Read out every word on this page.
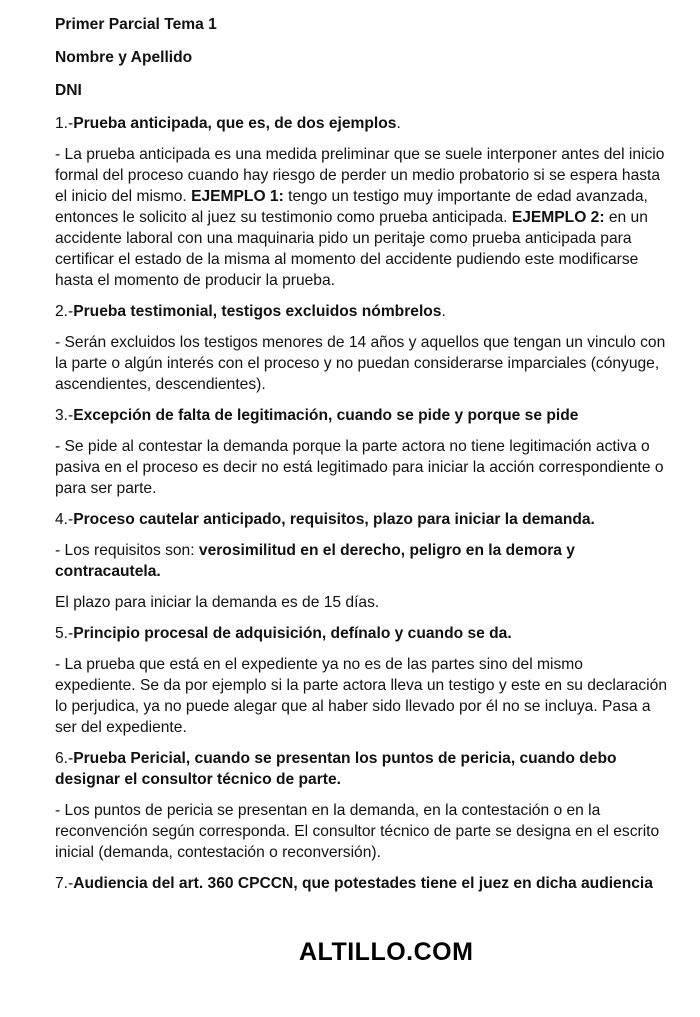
Primer Parcial Tema 1
Nombre y Apellido
DNI
1.-Prueba anticipada, que es, de dos ejemplos.
- La prueba anticipada es una medida preliminar que se suele interponer antes del inicio formal del proceso cuando hay riesgo de perder un medio probatorio si se espera hasta el inicio del mismo. EJEMPLO 1: tengo un testigo muy importante de edad avanzada, entonces le solicito al juez su testimonio como prueba anticipada. EJEMPLO 2: en un accidente laboral con una maquinaria pido un peritaje como prueba anticipada para certificar el estado de la misma al momento del accidente pudiendo este modificarse hasta el momento de producir la prueba.
2.-Prueba testimonial, testigos excluidos nómbrelos.
- Serán excluidos los testigos menores de 14 años y aquellos que tengan un vinculo con la parte o algún interés con el proceso y no puedan considerarse imparciales (cónyuge, ascendientes, descendientes).
3.-Excepción de falta de legitimación, cuando se pide y porque se pide
- Se pide al contestar la demanda porque la parte actora no tiene legitimación activa o pasiva en el proceso es decir no está legitimado para iniciar la acción correspondiente o para ser parte.
4.-Proceso cautelar anticipado, requisitos, plazo para iniciar la demanda.
- Los requisitos son: verosimilitud en el derecho, peligro en la demora y contracautela.
El plazo para iniciar la demanda es de 15 días.
5.-Principio procesal de adquisición, defínalo y cuando se da.
- La prueba que está en el expediente ya no es de las partes sino del mismo expediente. Se da por ejemplo si la parte actora lleva un testigo y este en su declaración lo perjudica, ya no puede alegar que al haber sido llevado por él no se incluya. Pasa a ser del expediente.
6.-Prueba Pericial, cuando se presentan los puntos de pericia, cuando debo designar el consultor técnico de parte.
- Los puntos de pericia se presentan en la demanda, en la contestación o en la reconvención según corresponda. El consultor técnico de parte se designa en el escrito inicial (demanda, contestación o reconversión).
7.-Audiencia del art. 360 CPCCN, que potestades tiene el juez en dicha audiencia
ALTILLO.COM
